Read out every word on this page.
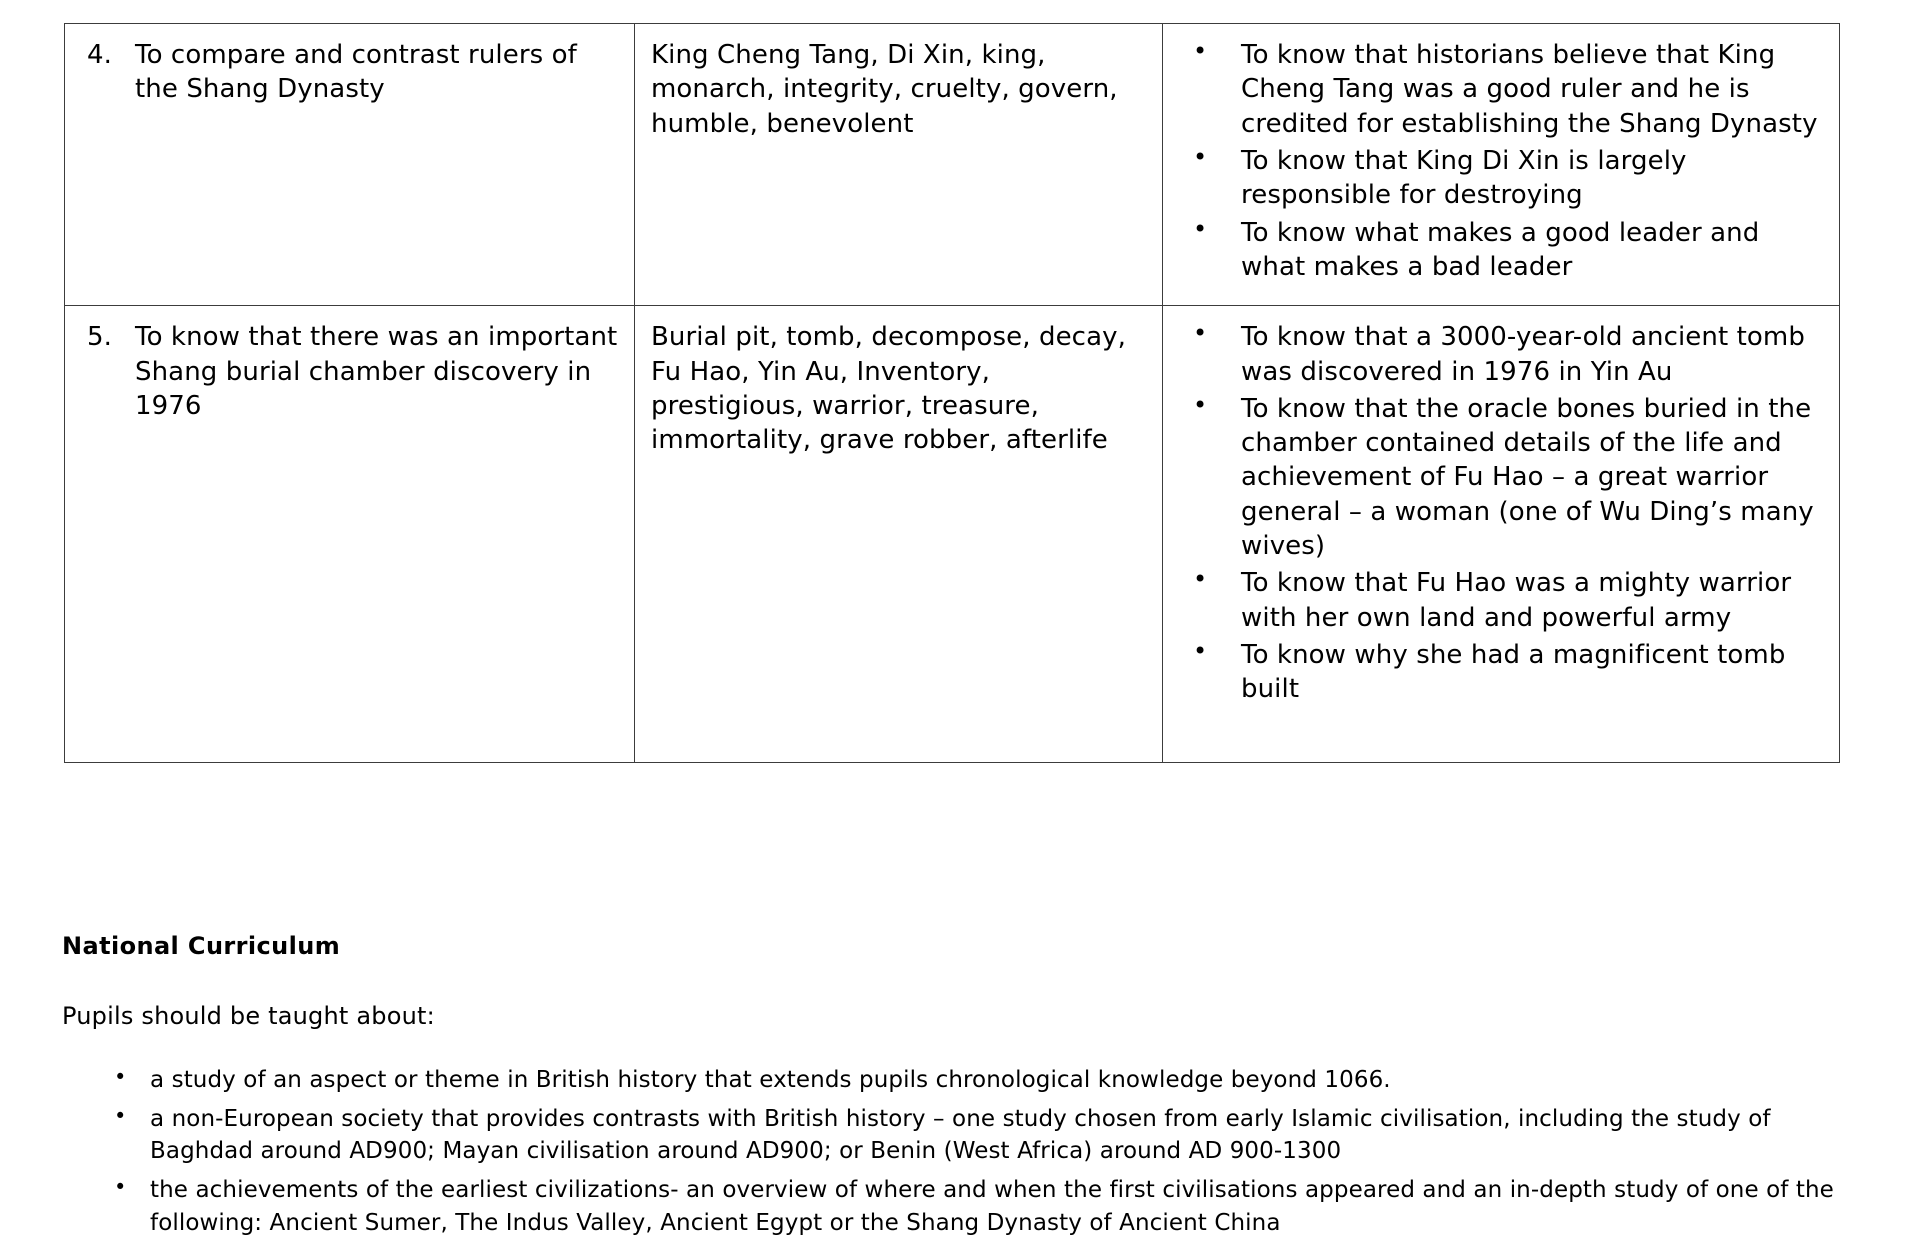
4. To compare and contrast rulers of the Shang Dynasty

King Cheng Tang, Di Xin, king, monarch, integrity, cruelty, govern, humble, benevolent

• To know that historians believe that King Cheng Tang was a good ruler and he is credited for establishing the Shang Dynasty
• To know that King Di Xin is largely responsible for destroying
• To know what makes a good leader and what makes a bad leader

5. To know that there was an important Shang burial chamber discovery in 1976

Burial pit, tomb, decompose, decay, Fu Hao, Yin Au, Inventory, prestigious, warrior, treasure, immortality, grave robber, afterlife

• To know that a 3000-year-old ancient tomb was discovered in 1976 in Yin Au
• To know that the oracle bones buried in the chamber contained details of the life and achievement of Fu Hao – a great warrior general – a woman (one of Wu Ding’s many wives)
• To know that Fu Hao was a mighty warrior with her own land and powerful army
• To know why she had a magnificent tomb built
National Curriculum
Pupils should be taught about:
• a study of an aspect or theme in British history that extends pupils chronological knowledge beyond 1066.
• a non-European society that provides contrasts with British history – one study chosen from early Islamic civilisation, including the study of Baghdad around AD900; Mayan civilisation around AD900; or Benin (West Africa) around AD 900-1300
• the achievements of the earliest civilizations- an overview of where and when the first civilisations appeared and an in-depth study of one of the following: Ancient Sumer, The Indus Valley, Ancient Egypt or the Shang Dynasty of Ancient China
